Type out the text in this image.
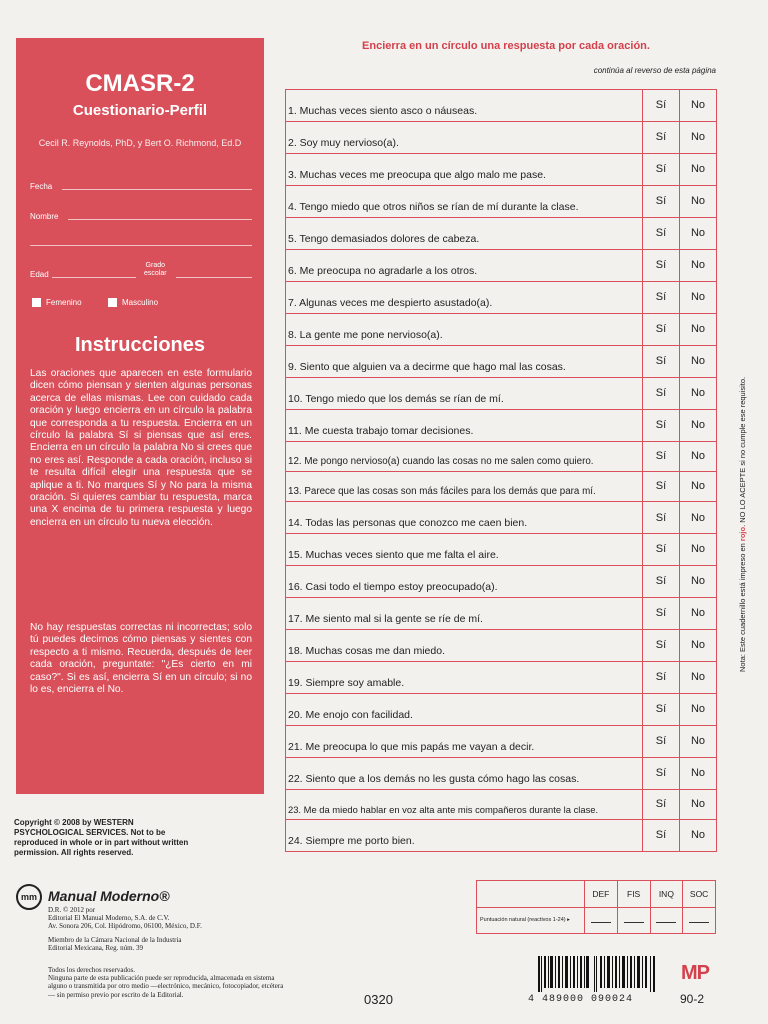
CMASR-2
Cuestionario-Perfil
Cecil R. Reynolds, PhD, y Bert O. Richmond, Ed.D
Fecha
Nombre
Edad
Grado
escolar
Femenino	Masculino
Instrucciones

Las oraciones que aparecen en este formulario dicen cómo piensan y sienten algunas personas acerca de ellas mismas. Lee con cuidado cada oración y luego encierra en un círculo la palabra que corresponda a tu respuesta. Encierra en un círculo la palabra Sí si piensas que así eres. Encierra en un círculo la palabra No si crees que no eres así. Responde a cada oración, incluso si te resulta difícil elegir una respuesta que se aplique a ti. No marques Sí y No para la misma oración. Si quieres cambiar tu respuesta, marca una X encima de tu primera respuesta y luego encierra en un círculo tu nueva elección.

No hay respuestas correctas ni incorrectas; solo tú puedes decirnos cómo piensas y sientes con respecto a ti mismo. Recuerda, después de leer cada oración, preguntate: "¿Es cierto en mi caso?". Si es así, encierra Sí en un círculo; si no lo es, encierra el No.

Copyright © 2008 by WESTERN PSYCHOLOGICAL SERVICES. Not to be reproduced in whole or in part without written permission. All rights reserved.
mm Manual Moderno®
D.R. © 2012 por
Editorial El Manual Moderno, S.A. de C.V.
Av. Sonora 206, Col. Hipódromo, 06100, México, D.F.
Miembro de la Cámara Nacional de la Industria
Editorial Mexicana, Reg. núm. 39
Todos los derechos reservados.
Ninguna parte de esta publicación puede ser reproducida, almacenada en sistema alguno o transmitida por otro medio —electrónico, mecánico, fotocopiador, etcétera— sin permiso previo por escrito de la Editorial.
Encierra en un círculo una respuesta por cada oración.
continúa al reverso de esta página
1. Muchas veces siento asco o náuseas.	Sí	No
2. Soy muy nervioso(a).	Sí	No
3. Muchas veces me preocupa que algo malo me pase.	Sí	No
4. Tengo miedo que otros niños se rían de mí durante la clase.	Sí	No
5. Tengo demasiados dolores de cabeza.	Sí	No
6. Me preocupa no agradarle a los otros.	Sí	No
7. Algunas veces me despierto asustado(a).	Sí	No
8. La gente me pone nervioso(a).	Sí	No
9. Siento que alguien va a decirme que hago mal las cosas.	Sí	No
10. Tengo miedo que los demás se rían de mí.	Sí	No
11. Me cuesta trabajo tomar decisiones.	Sí	No
12. Me pongo nervioso(a) cuando las cosas no me salen como quiero.	Sí	No
13. Parece que las cosas son más fáciles para los demás que para mí.	Sí	No
14. Todas las personas que conozco me caen bien.	Sí	No
15. Muchas veces siento que me falta el aire.	Sí	No
16. Casi todo el tiempo estoy preocupado(a).	Sí	No
17. Me siento mal si la gente se ríe de mí.	Sí	No
18. Muchas cosas me dan miedo.	Sí	No
19. Siempre soy amable.	Sí	No
20. Me enojo con facilidad.	Sí	No
21. Me preocupa lo que mis papás me vayan a decir.	Sí	No
22. Siento que a los demás no les gusta cómo hago las cosas.	Sí	No
23. Me da miedo hablar en voz alta ante mis compañeros durante la clase.	Sí	No
24. Siempre me porto bien.	Sí	No
Nota: Este cuadernillo está impreso en rojo. NO LO ACEPTE si no cumple ese requisito.
	DEF	FIS	INQ	SOC
Puntuación natural (reactivos 1-24) ▸				
0320	4 489000 090024
MP
90-2
